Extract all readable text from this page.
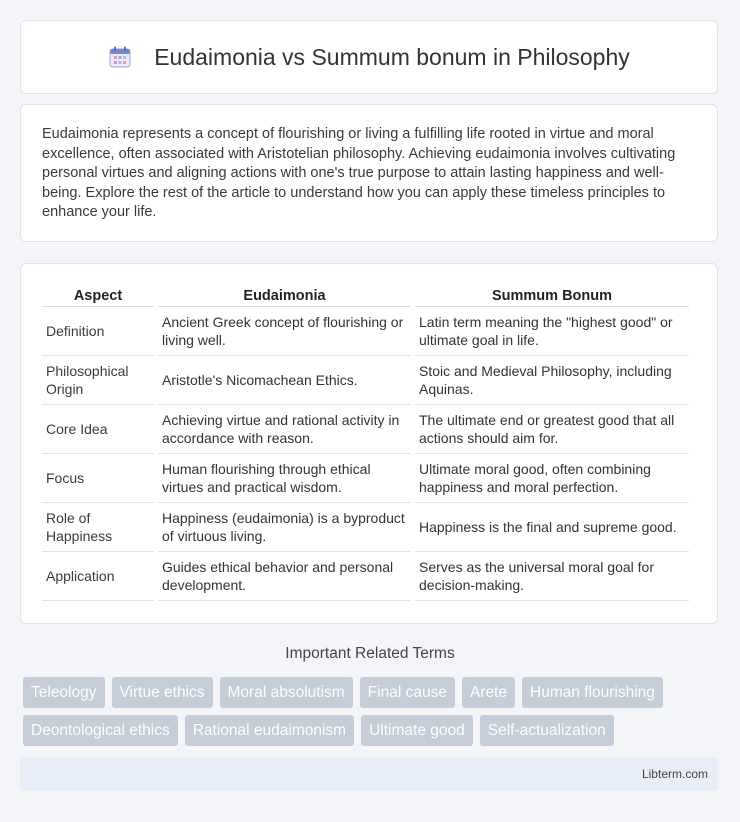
Eudaimonia vs Summum bonum in Philosophy
Eudaimonia represents a concept of flourishing or living a fulfilling life rooted in virtue and moral excellence, often associated with Aristotelian philosophy. Achieving eudaimonia involves cultivating personal virtues and aligning actions with one's true purpose to attain lasting happiness and well-being. Explore the rest of the article to understand how you can apply these timeless principles to enhance your life.
Aspect	Eudaimonia	Summum Bonum
Definition	Ancient Greek concept of flourishing or living well.	Latin term meaning the "highest good" or ultimate goal in life.
Philosophical Origin	Aristotle's Nicomachean Ethics.	Stoic and Medieval Philosophy, including Aquinas.
Core Idea	Achieving virtue and rational activity in accordance with reason.	The ultimate end or greatest good that all actions should aim for.
Focus	Human flourishing through ethical virtues and practical wisdom.	Ultimate moral good, often combining happiness and moral perfection.
Role of Happiness	Happiness (eudaimonia) is a byproduct of virtuous living.	Happiness is the final and supreme good.
Application	Guides ethical behavior and personal development.	Serves as the universal moral goal for decision-making.
Important Related Terms
Teleology	Virtue ethics	Moral absolutism	Final cause	Arete	Human flourishing
Deontological ethics	Rational eudaimonism	Ultimate good	Self-actualization
Libterm.com
